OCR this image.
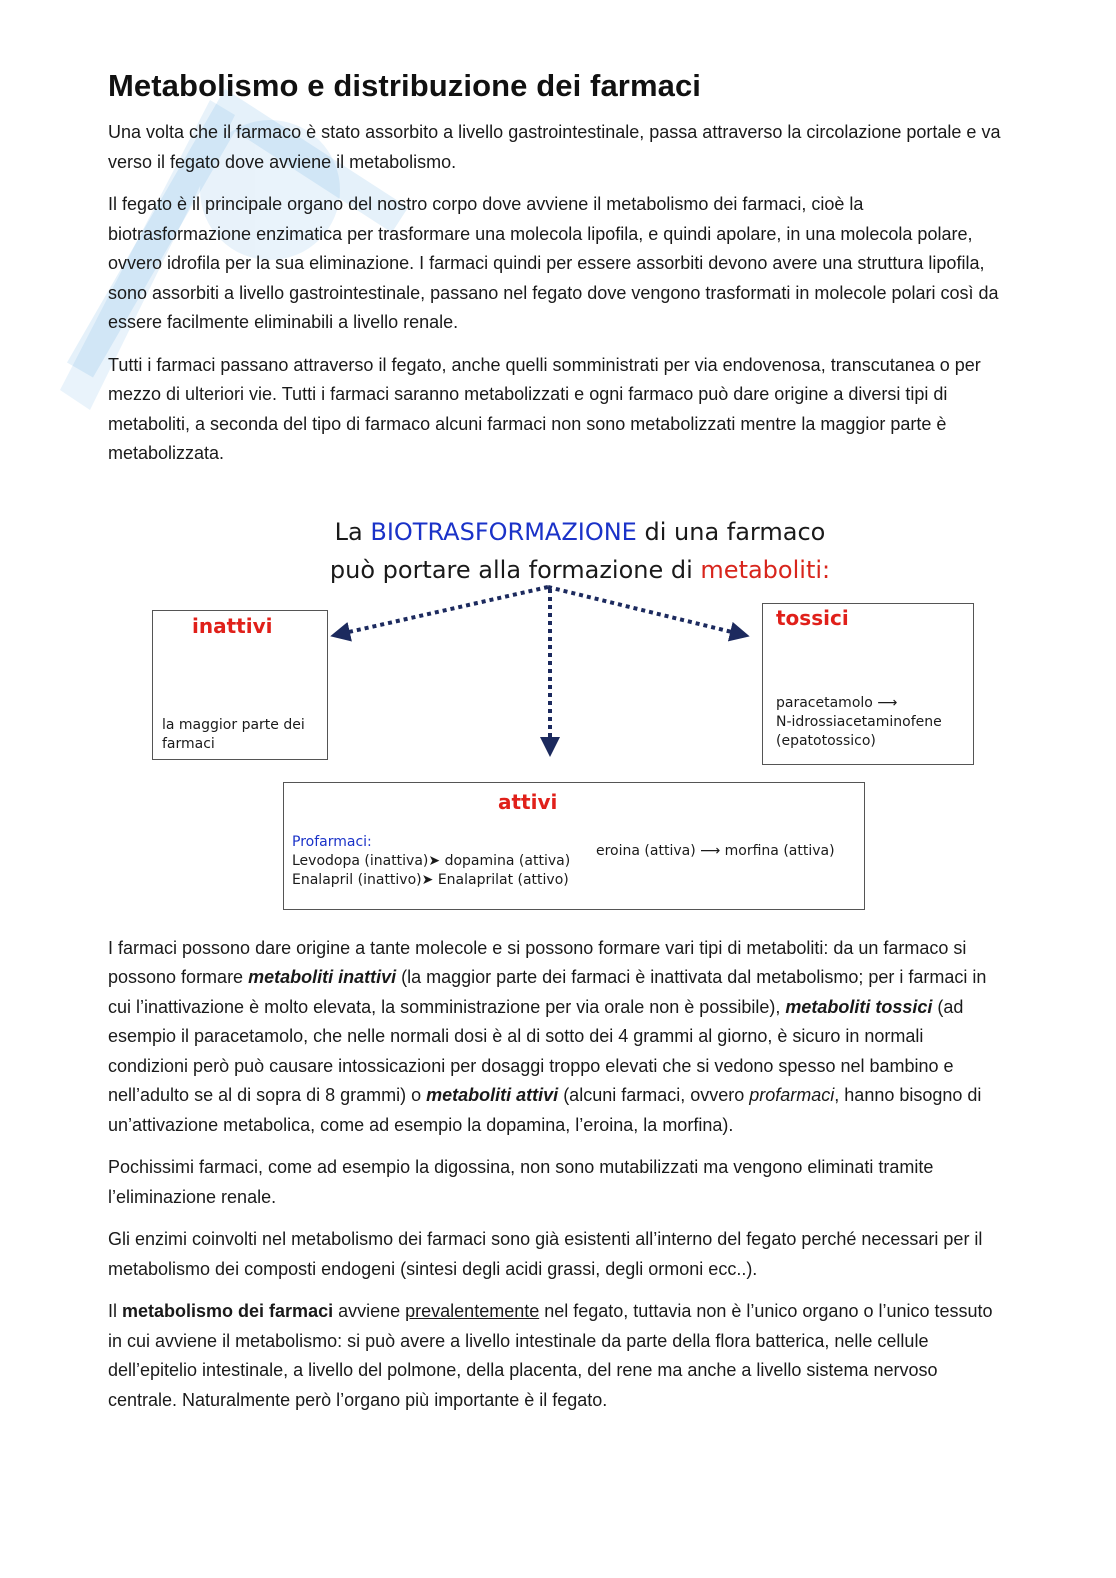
Metabolismo e distribuzione dei farmaci

Una volta che il farmaco è stato assorbito a livello gastrointestinale, passa attraverso la circolazione portale e va verso il fegato dove avviene il metabolismo.

Il fegato è il principale organo del nostro corpo dove avviene il metabolismo dei farmaci, cioè la biotrasformazione enzimatica per trasformare una molecola lipofila, e quindi apolare, in una molecola polare, ovvero idrofila per la sua eliminazione. I farmaci quindi per essere assorbiti devono avere una struttura lipofila, sono assorbiti a livello gastrointestinale, passano nel fegato dove vengono trasformati in molecole polari così da essere facilmente eliminabili a livello renale.

Tutti i farmaci passano attraverso il fegato, anche quelli somministrati per via endovenosa, transcutanea o per mezzo di ulteriori vie. Tutti i farmaci saranno metabolizzati e ogni farmaco può dare origine a diversi tipi di metaboliti, a seconda del tipo di farmaco alcuni farmaci non sono metabolizzati mentre la maggior parte è metabolizzata.

La BIOTRASFORMAZIONE di una farmaco
può portare alla formazione di metaboliti:
inattivi
la maggior parte dei
farmaci
tossici
paracetamolo ⟶
N-idrossiacetaminofene
(epatotossico)
attivi
Profarmaci:
Levodopa (inattiva)➤ dopamina (attiva)
Enalapril (inattivo)➤ Enalaprilat (attivo)
eroina (attiva) ⟶ morfina (attiva)

I farmaci possono dare origine a tante molecole e si possono formare vari tipi di metaboliti: da un farmaco si possono formare metaboliti inattivi (la maggior parte dei farmaci è inattivata dal metabolismo; per i farmaci in cui l’inattivazione è molto elevata, la somministrazione per via orale non è possibile), metaboliti tossici (ad esempio il paracetamolo, che nelle normali dosi è al di sotto dei 4 grammi al giorno, è sicuro in normali condizioni però può causare intossicazioni per dosaggi troppo elevati che si vedono spesso nel bambino e nell’adulto se al di sopra di 8 grammi) o metaboliti attivi (alcuni farmaci, ovvero profarmaci, hanno bisogno di un’attivazione metabolica, come ad esempio la dopamina, l’eroina, la morfina).

Pochissimi farmaci, come ad esempio la digossina, non sono mutabilizzati ma vengono eliminati tramite l’eliminazione renale.

Gli enzimi coinvolti nel metabolismo dei farmaci sono già esistenti all’interno del fegato perché necessari per il metabolismo dei composti endogeni (sintesi degli acidi grassi, degli ormoni ecc..).

Il metabolismo dei farmaci avviene prevalentemente nel fegato, tuttavia non è l’unico organo o l’unico tessuto in cui avviene il metabolismo: si può avere a livello intestinale da parte della flora batterica, nelle cellule dell’epitelio intestinale, a livello del polmone, della placenta, del rene ma anche a livello sistema nervoso centrale. Naturalmente però l’organo più importante è il fegato.
